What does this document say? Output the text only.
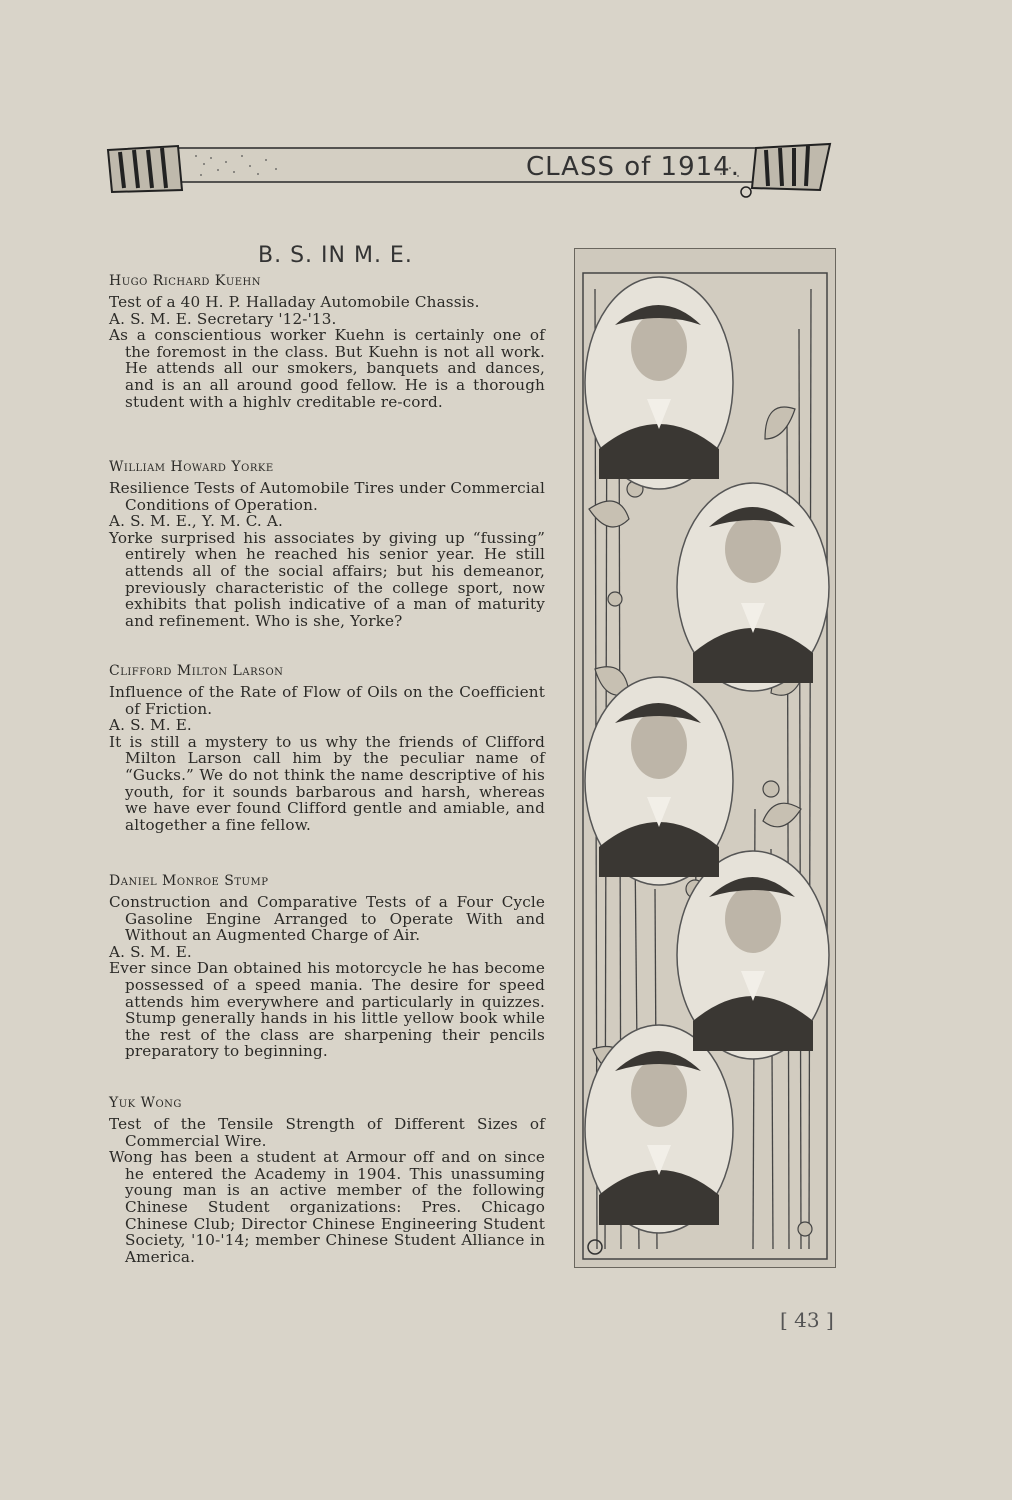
CLASS of 1914.
B. S. IN M. E.
Hugo Richard Kuehn

Test of a 40 H. P. Halladay Automobile Chassis.

A. S. M. E. Secretary '12-'13.

As a conscientious worker Kuehn is certainly one of the foremost in the class. But Kuehn is not all work. He attends all our smokers, banquets and dances, and is an all around good fellow. He is a thorough student with a highlv creditable re-cord.

William Howard Yorke

Resilience Tests of Automobile Tires under Commercial Conditions of Operation.

A. S. M. E., Y. M. C. A.

Yorke surprised his associates by giving up “fussing” entirely when he reached his senior year. He still attends all of the social affairs; but his demeanor, previously characteristic of the college sport, now exhibits that polish indicative of a man of maturity and refinement. Who is she, Yorke?

Clifford Milton Larson

Influence of the Rate of Flow of Oils on the Coefficient of Friction.

A. S. M. E.

It is still a mystery to us why the friends of Clifford Milton Larson call him by the peculiar name of “Gucks.” We do not think the name descriptive of his youth, for it sounds barbarous and harsh, whereas we have ever found Clifford gentle and amiable, and altogether a fine fellow.

Daniel Monroe Stump

Construction and Comparative Tests of a Four Cycle Gasoline Engine Arranged to Operate With and Without an Augmented Charge of Air.

A. S. M. E.

Ever since Dan obtained his motorcycle he has become possessed of a speed mania. The desire for speed attends him everywhere and particularly in quizzes. Stump generally hands in his little yellow book while the rest of the class are sharpening their pencils preparatory to beginning.

Yuk Wong

Test of the Tensile Strength of Different Sizes of Commercial Wire.

Wong has been a student at Armour off and on since he entered the Academy in 1904. This unassuming young man is an active member of the following Chinese Student organizations: Pres. Chicago Chinese Club; Director Chinese Engineering Student Society, '10-'14; member Chinese Student Alliance in America.

[ 43 ]
